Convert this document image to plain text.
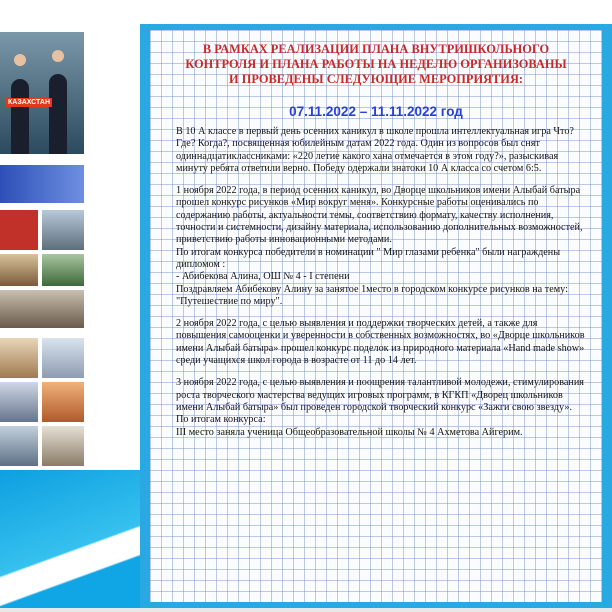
КАЗАХСТАН
В РАМКАХ РЕАЛИЗАЦИИ ПЛАНА ВНУТРИШКОЛЬНОГО
КОНТРОЛЯ И ПЛАНА РАБОТЫ НА НЕДЕЛЮ ОРГАНИЗОВАНЫ
И ПРОВЕДЕНЫ СЛЕДУЮЩИЕ МЕРОПРИЯТИЯ:
07.11.2022 – 11.11.2022 год

В 10 А классе в первый день осенних каникул в школе прошла интеллектуальная игра Что? Где? Когда?, посвященная юбилейным датам 2022 года. Один из вопросов был снят одиннадцатиклассниками: «220 летие какого хана отмечается в этом году?», разыскивая минуту ребята ответили верно. Победу одержали знатоки 10 А класса со счетом 6:5.

1 ноября 2022 года, в период осенних каникул, во Дворце школьников имени Алыбай батыра прошел конкурс рисунков «Мир вокруг меня». Конкурсные работы оценивались по содержанию работы, актуальности темы, соответствию формату, качеству исполнения, точности и системности, дизайну материала, использованию дополнительных возможностей, приветствию работы инновационными методами.

По итогам конкурса победители в номинации " Мир глазами ребенка" были награждены дипломом :

- Абибекова Алина, ОШ № 4 - I степени

Поздравляем Абибекову Алину за занятое 1место в городском конкурсе рисунков на тему: "Путешествие по миру".

2 ноября 2022 года, с целью выявления и поддержки творческих детей, а также для повышения самооценки и уверенности в собственных возможностях, во «Дворце школьников имени Алыбай батыра» прошел конкурс поделок из природного материала «Hand made show» среди учащихся школ города в возрасте от 11 до 14 лет.

3 ноября 2022 года, с целью выявления и поощрения талантливой молодежи, стимулирования роста творческого мастерства ведущих игровых программ, в КГКП «Дворец школьников имени Алыбай батыра» был проведен городской творческий конкурс «Зажги свою звезду». По итогам конкурса:

III место заняла ученица Общеобразовательной школы № 4 Ахметова Айгерим.
